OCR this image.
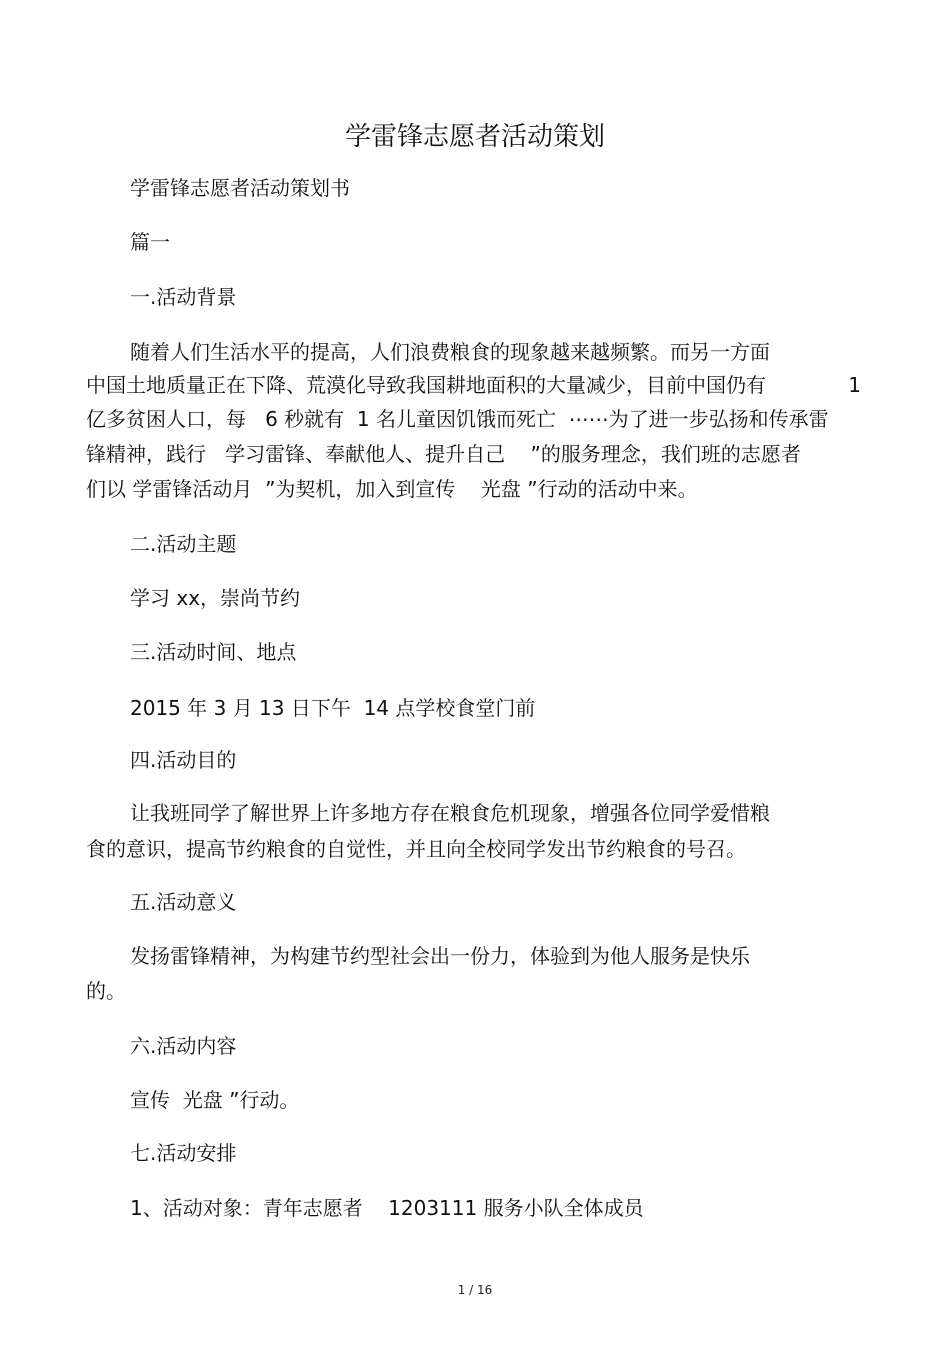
学雷锋志愿者活动策划
学雷锋志愿者活动策划书
篇一
一.活动背景
随着人们生活水平的提高，人们浪费粮食的现象越来越频繁。而另一方面
中国土地质量正在下降、荒漠化导致我国耕地面积的大量减少，目前中国仍有	1
亿多贫困人口，每   6 秒就有  1 名儿童因饥饿而死亡  ⋯⋯为了进一步弘扬和传承雷
锋精神，践行   学习雷锋、奉献他人、提升自己    ”的服务理念，我们班的志愿者
们以 学雷锋活动月  ”为契机，加入到宣传    光盘 ”行动的活动中来。
二.活动主题
学习 xx，崇尚节约
三.活动时间、地点
2015 年 3 月 13 日下午  14 点学校食堂门前
四.活动目的
让我班同学了解世界上许多地方存在粮食危机现象，增强各位同学爱惜粮
食的意识，提高节约粮食的自觉性，并且向全校同学发出节约粮食的号召。
五.活动意义
发扬雷锋精神，为构建节约型社会出一份力，体验到为他人服务是快乐
的。
六.活动内容
宣传  光盘 ”行动。
七.活动安排
1、活动对象：青年志愿者    1203111 服务小队全体成员
1 / 16
